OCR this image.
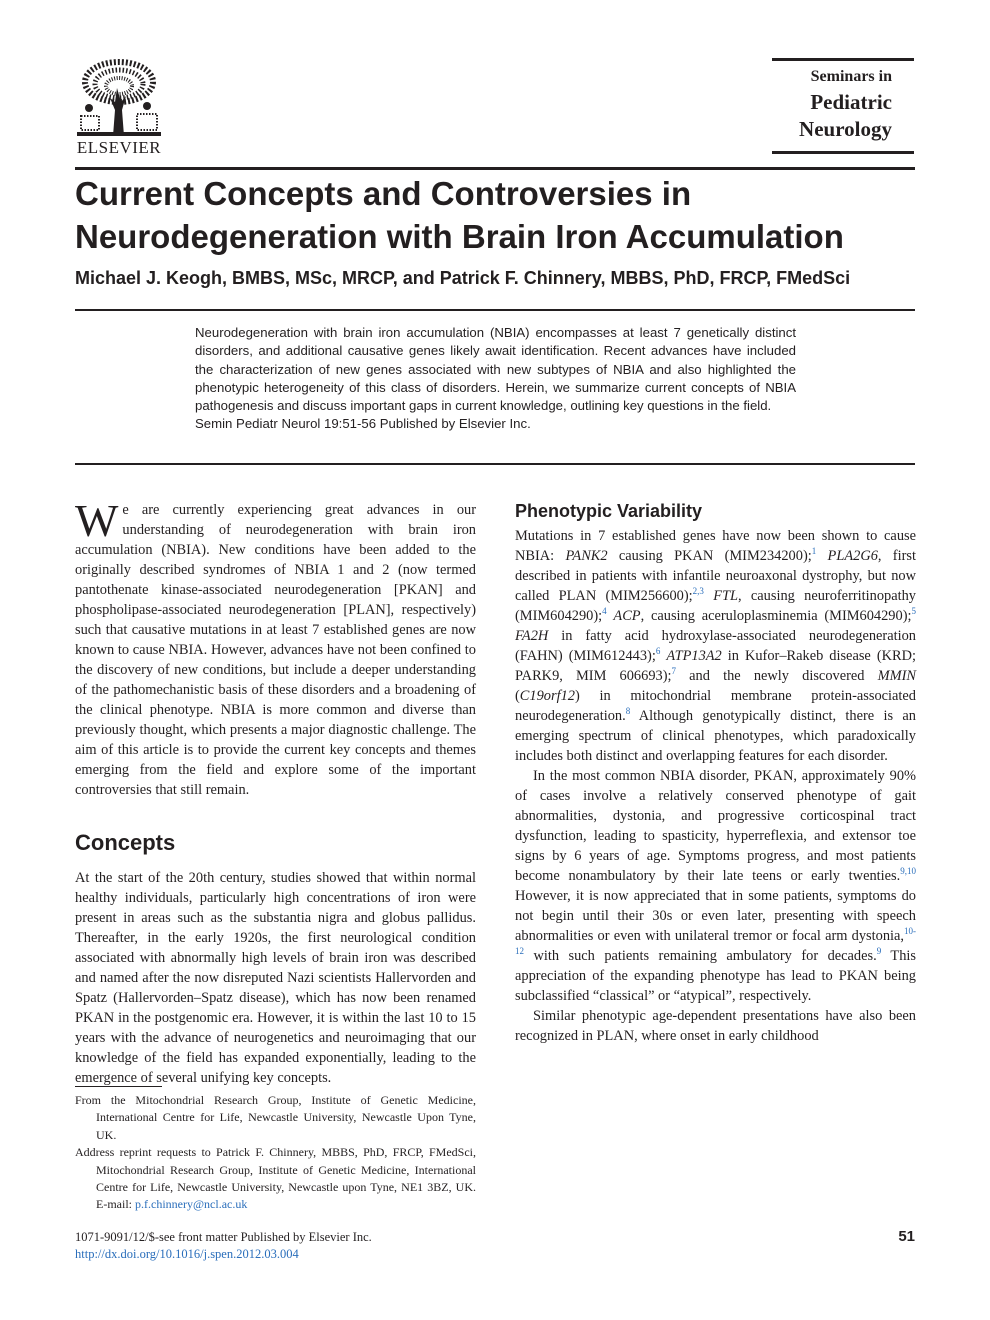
ELSEVIER
Seminars in
Pediatric
Neurology
Current Concepts and Controversies in
Neurodegeneration with Brain Iron Accumulation
Michael J. Keogh, BMBS, MSc, MRCP, and Patrick F. Chinnery, MBBS, PhD, FRCP, FMedSci

Neurodegeneration with brain iron accumulation (NBIA) encompasses at least 7 genetically distinct disorders, and additional causative genes likely await identification. Recent advances have included the characterization of new genes associated with new subtypes of NBIA and also highlighted the phenotypic heterogeneity of this class of disorders. Herein, we summarize current concepts of NBIA pathogenesis and discuss important gaps in current knowledge, outlining key questions in the field.

Semin Pediatr Neurol 19:51-56 Published by Elsevier Inc.

We are currently experiencing great advances in our understanding of neurodegeneration with brain iron accumulation (NBIA). New conditions have been added to the originally described syndromes of NBIA 1 and 2 (now termed pantothenate kinase-associated neurodegeneration [PKAN] and phospholipase-associated neurodegeneration [PLAN], respectively) such that causative mutations in at least 7 established genes are now known to cause NBIA. However, advances have not been confined to the discovery of new conditions, but include a deeper understanding of the pathomechanistic basis of these disorders and a broadening of the clinical phenotype. NBIA is more common and diverse than previously thought, which presents a major diagnostic challenge. The aim of this article is to provide the current key concepts and themes emerging from the field and explore some of the important controversies that still remain.

Concepts

At the start of the 20th century, studies showed that within normal healthy individuals, particularly high concentrations of iron were present in areas such as the substantia nigra and globus pallidus. Thereafter, in the early 1920s, the first neurological condition associated with abnormally high levels of brain iron was described and named after the now disreputed Nazi scientists Hallervorden and Spatz (Hallervorden–Spatz disease), which has now been renamed PKAN in the postgenomic era. However, it is within the last 10 to 15 years with the advance of neurogenetics and neuroimaging that our knowledge of the field has expanded exponentially, leading to the emergence of several unifying key concepts.

Phenotypic Variability

Mutations in 7 established genes have now been shown to cause NBIA: PANK2 causing PKAN (MIM234200);$^1$ PLA2G6, first described in patients with infantile neuroaxonal dystrophy, but now called PLAN (MIM256600);$^{2,3}$ FTL, causing neuroferritinopathy (MIM604290);$^4$ ACP, causing aceruloplasminemia (MIM604290);$^5$ FA2H in fatty acid hydroxylase-associated neurodegeneration (FAHN) (MIM612443);$^6$ ATP13A2 in Kufor–Rakeb disease (KRD; PARK9, MIM 606693);$^7$ and the newly discovered MMIN (C19orf12) in mitochondrial membrane protein-associated neurodegeneration.$^8$ Although genotypically distinct, there is an emerging spectrum of clinical phenotypes, which paradoxically includes both distinct and overlapping features for each disorder.

In the most common NBIA disorder, PKAN, approximately 90% of cases involve a relatively conserved phenotype of gait abnormalities, dystonia, and progressive corticospinal tract dysfunction, leading to spasticity, hyperreflexia, and extensor toe signs by 6 years of age. Symptoms progress, and most patients become nonambulatory by their late teens or early twenties.$^{9,10}$ However, it is now appreciated that in some patients, symptoms do not begin until their 30s or even later, presenting with speech abnormalities or even with unilateral tremor or focal arm dystonia,$^{10-12}$ with such patients remaining ambulatory for decades.$^9$ This appreciation of the expanding phenotype has lead to PKAN being subclassified “classical” or “atypical”, respectively.

Similar phenotypic age-dependent presentations have also been recognized in PLAN, where onset in early childhood

From the Mitochondrial Research Group, Institute of Genetic Medicine, International Centre for Life, Newcastle University, Newcastle Upon Tyne, UK.

Address reprint requests to Patrick F. Chinnery, MBBS, PhD, FRCP, FMedSci, Mitochondrial Research Group, Institute of Genetic Medicine, International Centre for Life, Newcastle University, Newcastle upon Tyne, NE1 3BZ, UK. E-mail: p.f.chinnery@ncl.ac.uk

1071-9091/12/$-see front matter Published by Elsevier Inc.
http://dx.doi.org/10.1016/j.spen.2012.03.004
51
